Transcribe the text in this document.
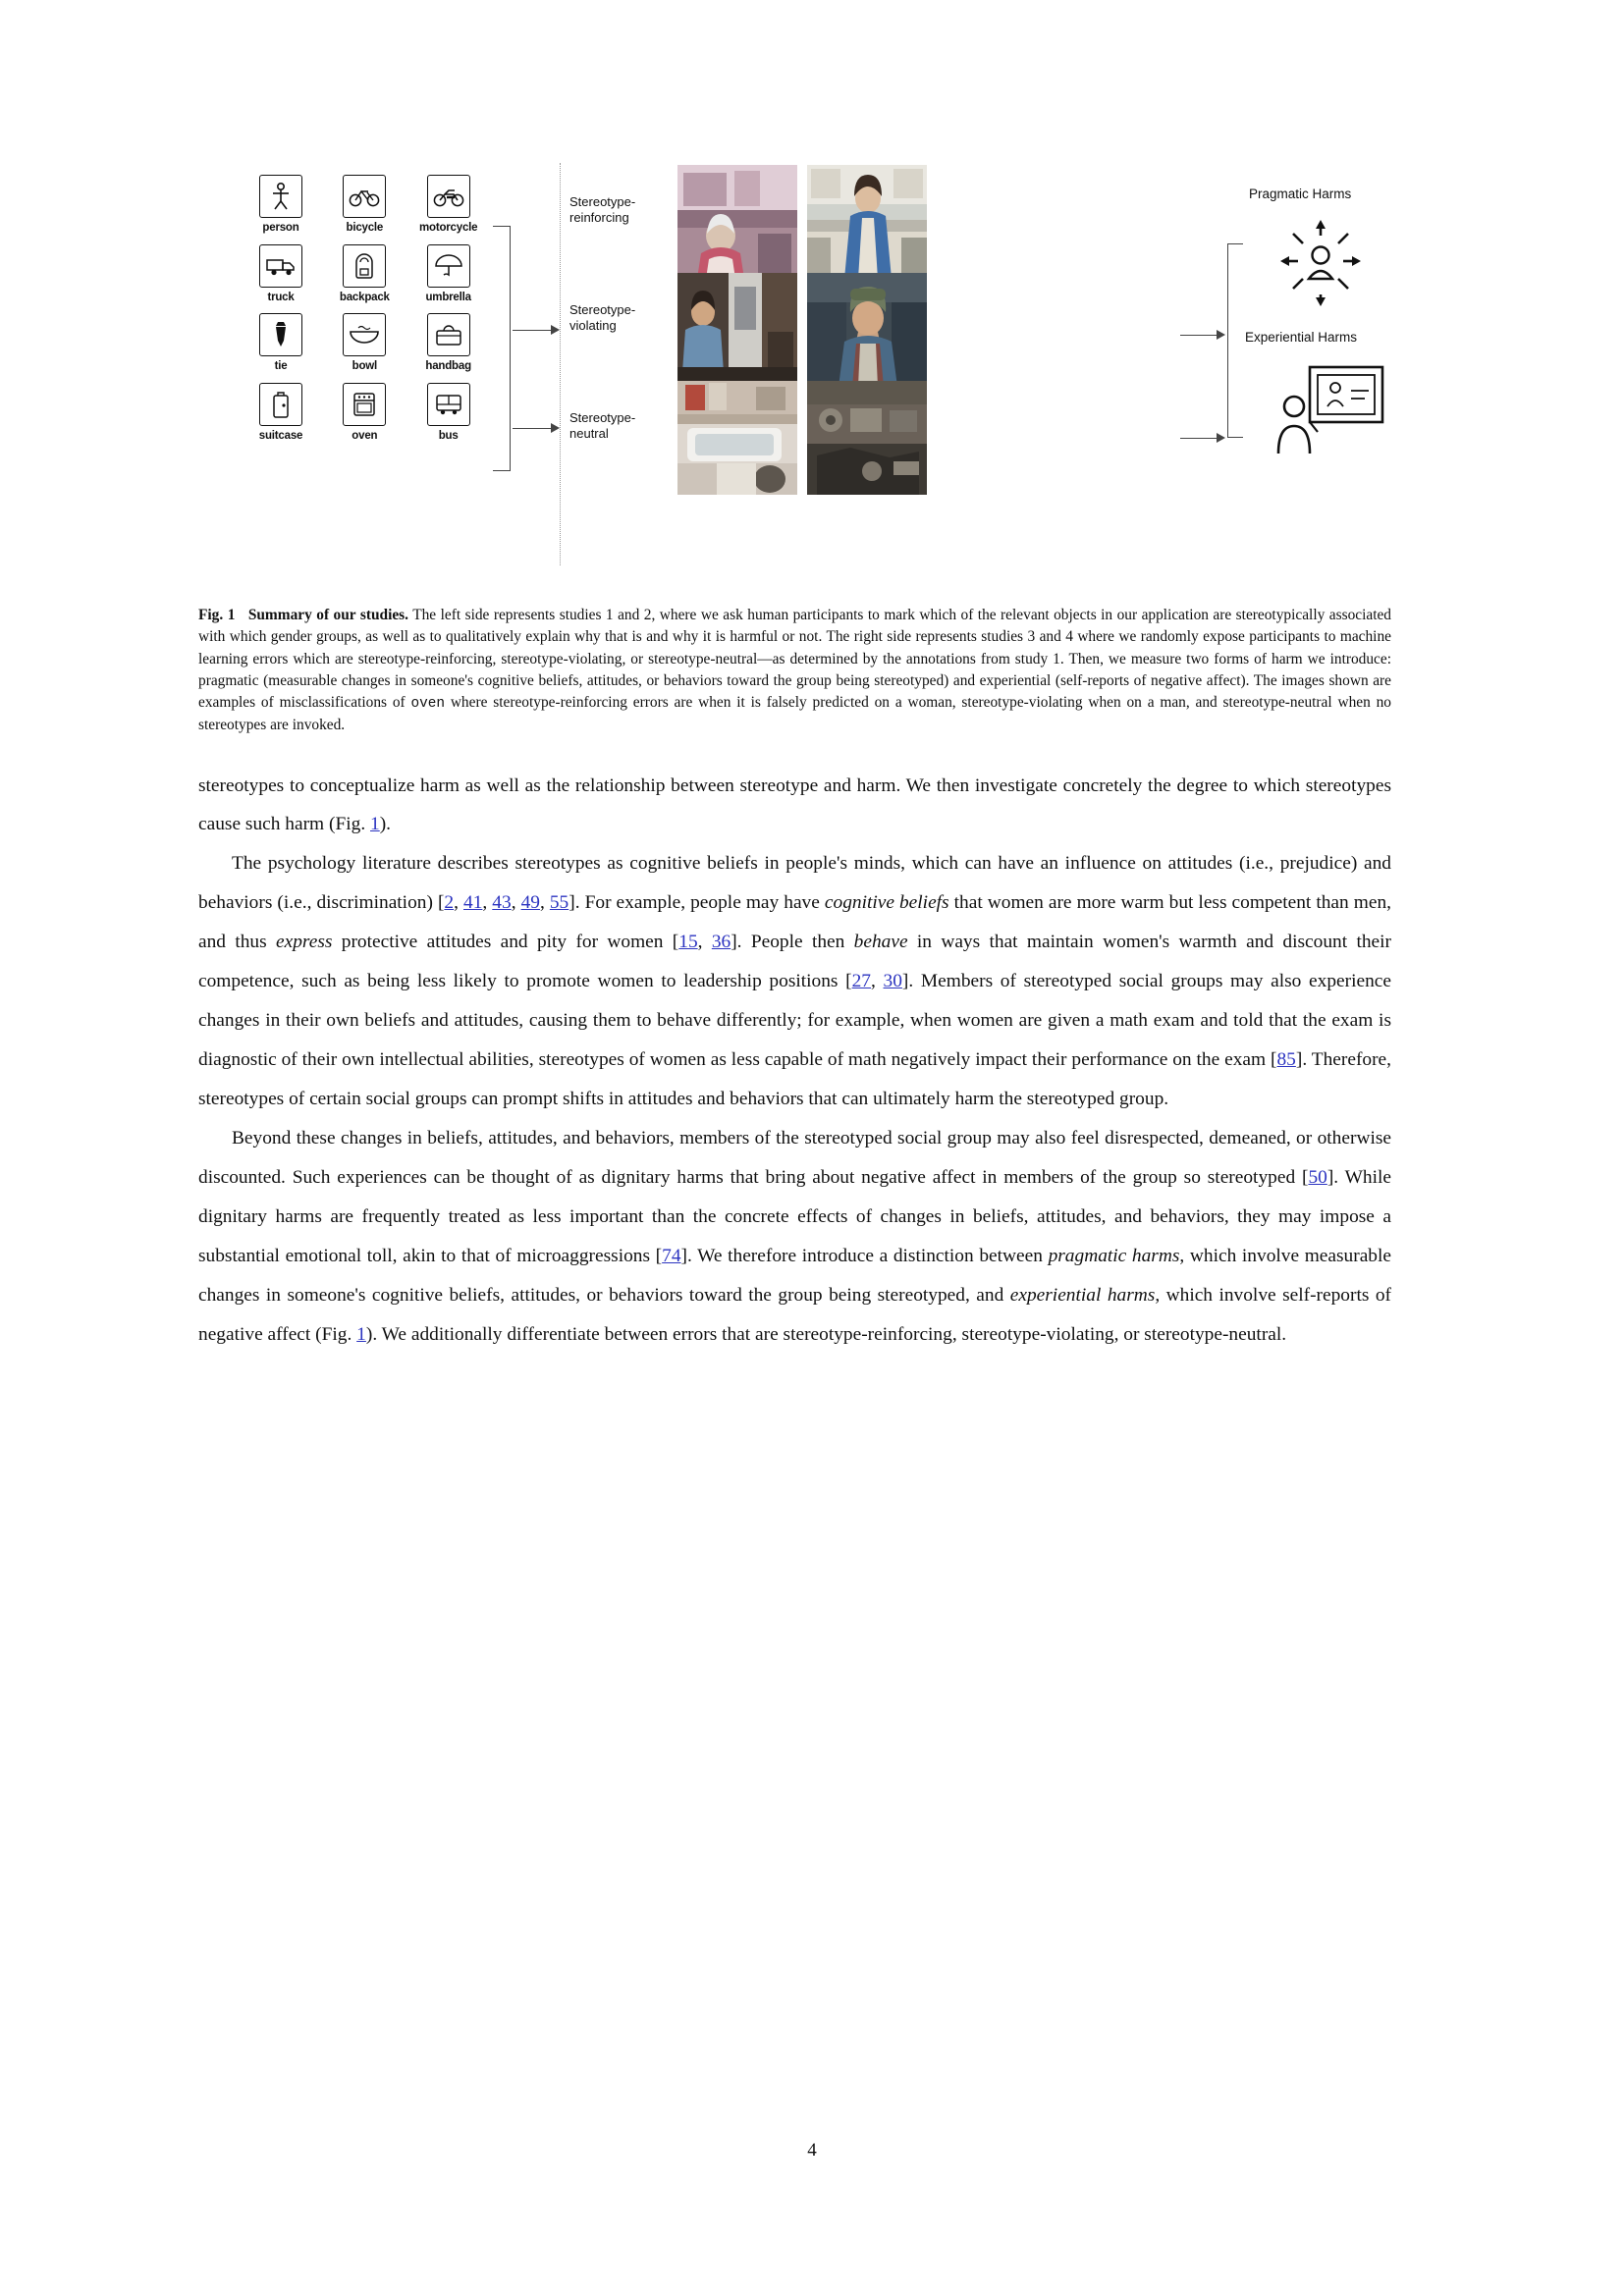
person	bicycle	motorcycle
truck	backpack	umbrella
tie	bowl	handbag
suitcase	oven	bus
Stereotype-
reinforcing
Stereotype-
violating
Stereotype-
neutral
Pragmatic Harms
Experiential Harms
Fig. 1 Summary of our studies. The left side represents studies 1 and 2, where we ask human participants to mark which of the relevant objects in our application are stereotypically associated with which gender groups, as well as to qualitatively explain why that is and why it is harmful or not. The right side represents studies 3 and 4 where we randomly expose participants to machine learning errors which are stereotype-reinforcing, stereotype-violating, or stereotype-neutral—as determined by the annotations from study 1. Then, we measure two forms of harm we introduce: pragmatic (measurable changes in someone's cognitive beliefs, attitudes, or behaviors toward the group being stereotyped) and experiential (self-reports of negative affect). The images shown are examples of misclassifications of oven where stereotype-reinforcing errors are when it is falsely predicted on a woman, stereotype-violating when on a man, and stereotype-neutral when no stereotypes are invoked.

stereotypes to conceptualize harm as well as the relationship between stereotype and harm. We then investigate concretely the degree to which stereotypes cause such harm (Fig. 1).

The psychology literature describes stereotypes as cognitive beliefs in people's minds, which can have an influence on attitudes (i.e., prejudice) and behaviors (i.e., discrimination) [2, 41, 43, 49, 55]. For example, people may have cognitive beliefs that women are more warm but less competent than men, and thus express protective attitudes and pity for women [15, 36]. People then behave in ways that maintain women's warmth and discount their competence, such as being less likely to promote women to leadership positions [27, 30]. Members of stereotyped social groups may also experience changes in their own beliefs and attitudes, causing them to behave differently; for example, when women are given a math exam and told that the exam is diagnostic of their own intellectual abilities, stereotypes of women as less capable of math negatively impact their performance on the exam [85]. Therefore, stereotypes of certain social groups can prompt shifts in attitudes and behaviors that can ultimately harm the stereotyped group.

Beyond these changes in beliefs, attitudes, and behaviors, members of the stereotyped social group may also feel disrespected, demeaned, or otherwise discounted. Such experiences can be thought of as dignitary harms that bring about negative affect in members of the group so stereotyped [50]. While dignitary harms are frequently treated as less important than the concrete effects of changes in beliefs, attitudes, and behaviors, they may impose a substantial emotional toll, akin to that of microaggressions [74]. We therefore introduce a distinction between pragmatic harms, which involve measurable changes in someone's cognitive beliefs, attitudes, or behaviors toward the group being stereotyped, and experiential harms, which involve self-reports of negative affect (Fig. 1). We additionally differentiate between errors that are stereotype-reinforcing, stereotype-violating, or stereotype-neutral.

4
